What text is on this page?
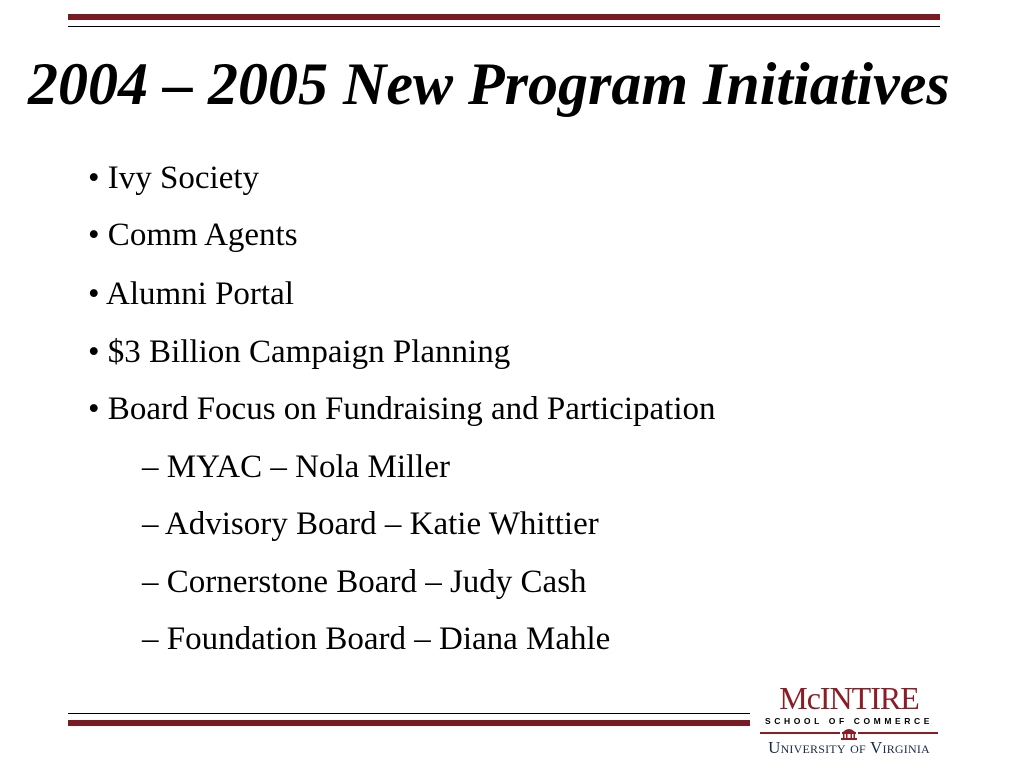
2004 – 2005 New Program Initiatives

• Ivy Society

• Comm Agents

• Alumni Portal

• $3 Billion Campaign Planning

• Board Focus on Fundraising and Participation

– MYAC – Nola Miller

– Advisory Board – Katie Whittier

– Cornerstone Board – Judy Cash

– Foundation Board – Diana Mahle

McINTIRE
SCHOOL OF COMMERCE
University of Virginia
